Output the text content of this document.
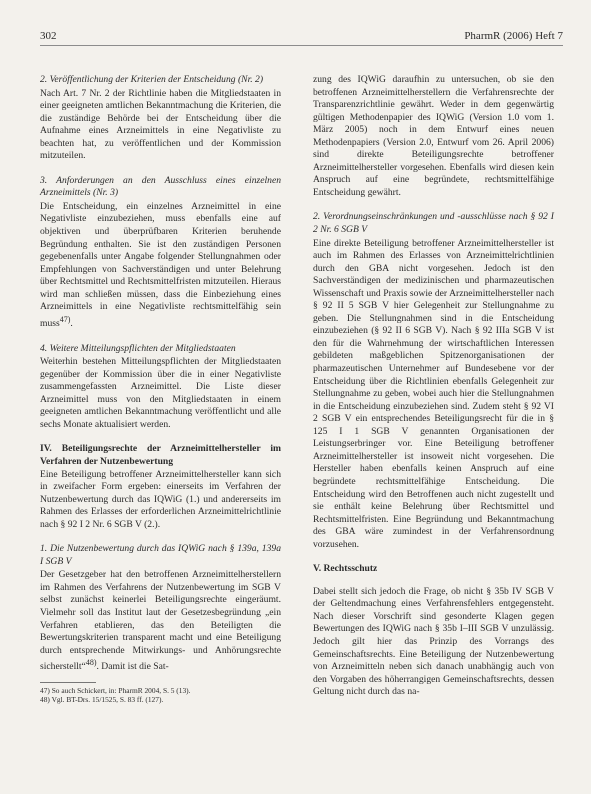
302	PharmR (2006) Heft 7

2. Veröffentlichung der Kriterien der Entscheidung (Nr. 2)

Nach Art. 7 Nr. 2 der Richtlinie haben die Mitgliedstaaten in einer geeigneten amtlichen Bekanntmachung die Kriterien, die die zuständige Behörde bei der Entscheidung über die Aufnahme eines Arzneimittels in eine Negativliste zu beachten hat, zu veröffentlichen und der Kommission mitzuteilen.

3. Anforderungen an den Ausschluss eines einzelnen Arzneimittels (Nr. 3)

Die Entscheidung, ein einzelnes Arzneimittel in eine Negativliste einzubeziehen, muss ebenfalls eine auf objektiven und überprüfbaren Kriterien beruhende Begründung enthalten. Sie ist den zuständigen Personen gegebenenfalls unter Angabe folgender Stellungnahmen oder Empfehlungen von Sachverständigen und unter Belehrung über Rechtsmittel und Rechtsmittelfristen mitzuteilen. Hieraus wird man schließen müssen, dass die Einbeziehung eines Arzneimittels in eine Negativliste rechtsmittelfähig sein muss$^{47)}$.

4. Weitere Mitteilungspflichten der Mitgliedstaaten

Weiterhin bestehen Mitteilungspflichten der Mitgliedstaaten gegenüber der Kommission über die in einer Negativliste zusammengefassten Arzneimittel. Die Liste dieser Arzneimittel muss von den Mitgliedstaaten in einem geeigneten amtlichen Bekanntmachung veröffentlicht und alle sechs Monate aktualisiert werden.

IV. Beteiligungsrechte der Arzneimittelhersteller im Verfahren der Nutzenbewertung

Eine Beteiligung betroffener Arzneimittelhersteller kann sich in zweifacher Form ergeben: einerseits im Verfahren der Nutzenbewertung durch das IQWiG (1.) und andererseits im Rahmen des Erlasses der erforderlichen Arzneimittelrichtlinie nach § 92 I 2 Nr. 6 SGB V (2.).

1. Die Nutzenbewertung durch das IQWiG nach § 139a, 139a I SGB V

Der Gesetzgeber hat den betroffenen Arzneimittelherstellern im Rahmen des Verfahrens der Nutzenbewertung im SGB V selbst zunächst keinerlei Beteiligungsrechte eingeräumt. Vielmehr soll das Institut laut der Gesetzesbegründung „ein Verfahren etablieren, das den Beteiligten die Bewertungskriterien transparent macht und eine Beteiligung durch entsprechende Mitwirkungs- und Anhörungsrechte sicherstellt“$^{48)}$. Damit ist die Sat-

47) So auch Schickert, in: PharmR 2004, S. 5 (13).

48) Vgl. BT-Drs. 15/1525, S. 83 ff. (127).

zung des IQWiG daraufhin zu untersuchen, ob sie den betroffenen Arzneimittelherstellern die Verfahrensrechte der Transparenzrichtlinie gewährt. Weder in dem gegenwärtig gültigen Methodenpapier des IQWiG (Version 1.0 vom 1. März 2005) noch in dem Entwurf eines neuen Methodenpapiers (Version 2.0, Entwurf vom 26. April 2006) sind direkte Beteiligungsrechte betroffener Arzneimittelhersteller vorgesehen. Ebenfalls wird diesen kein Anspruch auf eine begründete, rechtsmittelfähige Entscheidung gewährt.

2. Verordnungseinschränkungen und -ausschlüsse nach § 92 I 2 Nr. 6 SGB V

Eine direkte Beteiligung betroffener Arzneimittelhersteller ist auch im Rahmen des Erlasses von Arzneimittelrichtlinien durch den GBA nicht vorgesehen. Jedoch ist den Sachverständigen der medizinischen und pharmazeutischen Wissenschaft und Praxis sowie der Arzneimittelhersteller nach § 92 II 5 SGB V hier Gelegenheit zur Stellungnahme zu geben. Die Stellungnahmen sind in die Entscheidung einzubeziehen (§ 92 II 6 SGB V). Nach § 92 IIIa SGB V ist den für die Wahrnehmung der wirtschaftlichen Interessen gebildeten maßgeblichen Spitzenorganisationen der pharmazeutischen Unternehmer auf Bundesebene vor der Entscheidung über die Richtlinien ebenfalls Gelegenheit zur Stellungnahme zu geben, wobei auch hier die Stellungnahmen in die Entscheidung einzubeziehen sind. Zudem steht § 92 VI 2 SGB V ein entsprechendes Beteiligungsrecht für die in § 125 I 1 SGB V genannten Organisationen der Leistungserbringer vor. Eine Beteiligung betroffener Arzneimittelhersteller ist insoweit nicht vorgesehen. Die Hersteller haben ebenfalls keinen Anspruch auf eine begründete rechtsmittelfähige Entscheidung. Die Entscheidung wird den Betroffenen auch nicht zugestellt und sie enthält keine Belehrung über Rechtsmittel und Rechtsmittelfristen. Eine Begründung und Bekanntmachung des GBA wäre zumindest in der Verfahrensordnung vorzusehen.

V. Rechtsschutz

Dabei stellt sich jedoch die Frage, ob nicht § 35b IV SGB V der Geltendmachung eines Verfahrensfehlers entgegensteht. Nach dieser Vorschrift sind gesonderte Klagen gegen Bewertungen des IQWiG nach § 35b I–III SGB V unzulässig. Jedoch gilt hier das Prinzip des Vorrangs des Gemeinschaftsrechts. Eine Beteiligung der Nutzenbewertung von Arzneimitteln neben sich danach unabhängig auch von den Vorgaben des höherrangigen Gemeinschaftsrechts, dessen Geltung nicht durch das na-
